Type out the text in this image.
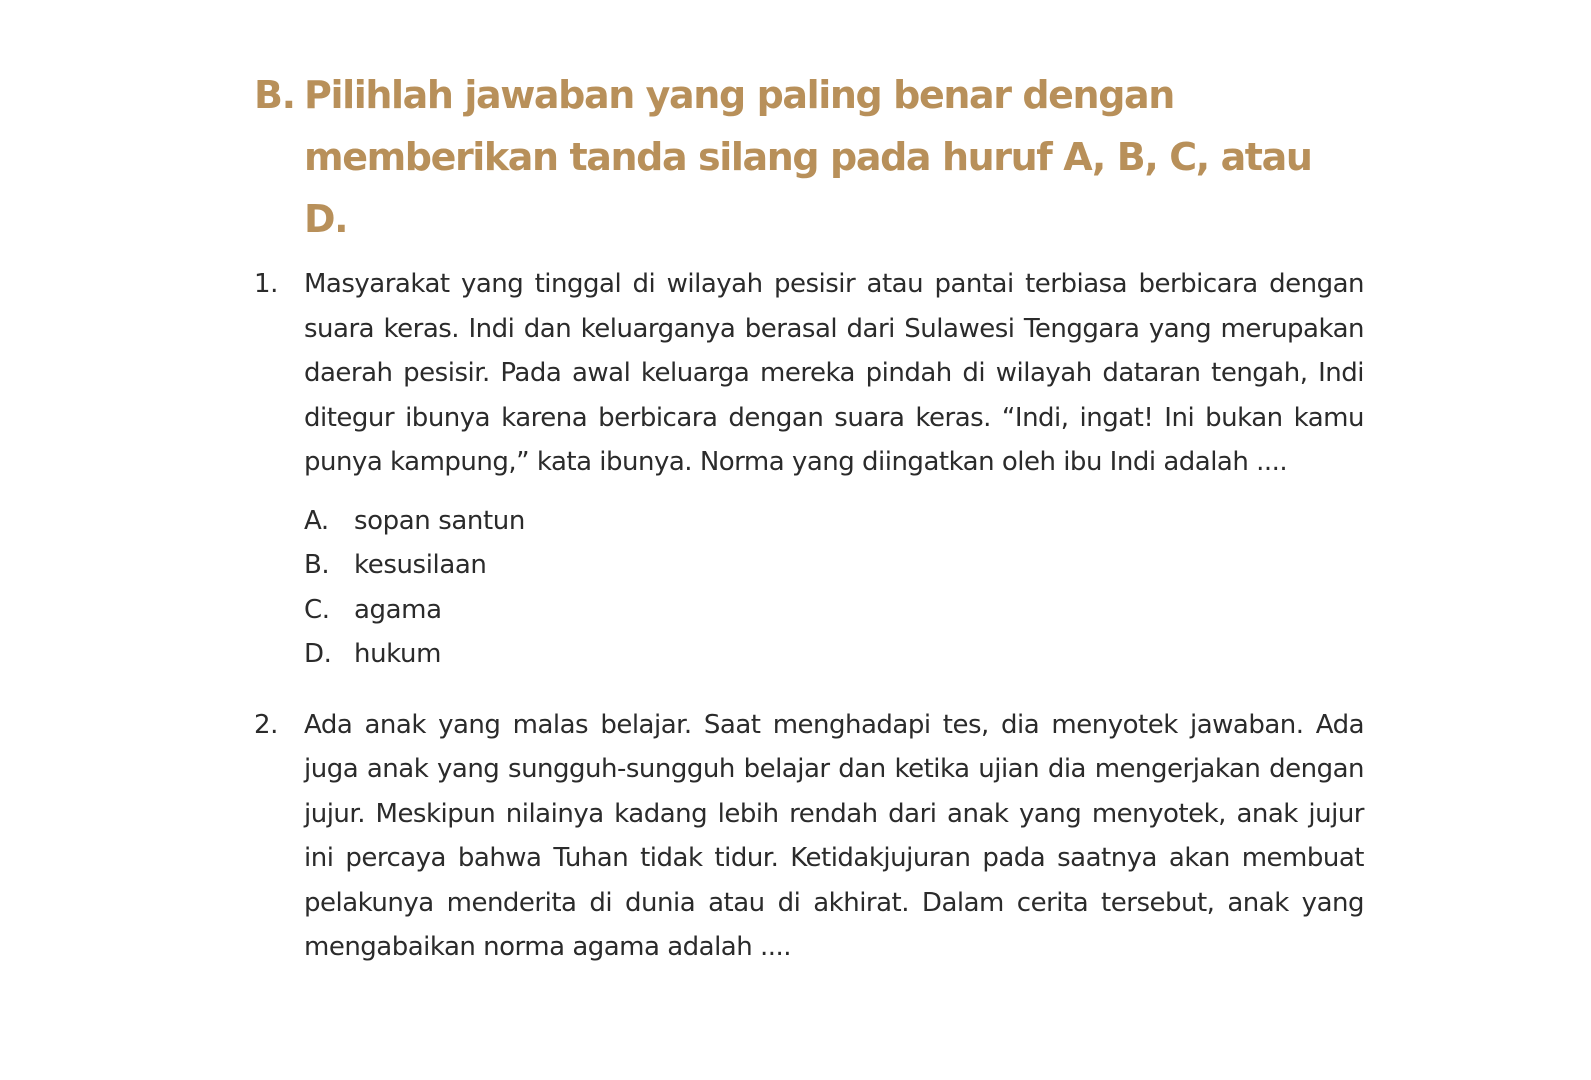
B. Pilihlah jawaban yang paling benar dengan memberikan tanda silang pada huruf A, B, C, atau D.
1. Masyarakat yang tinggal di wilayah pesisir atau pantai terbiasa berbicara dengan suara keras. Indi dan keluarganya berasal dari Sulawesi Tenggara yang merupakan daerah pesisir. Pada awal keluarga mereka pindah di wilayah dataran tengah, Indi ditegur ibunya karena berbicara dengan suara keras. “Indi, ingat! Ini bukan kamu punya kampung,” kata ibunya. Norma yang diingatkan oleh ibu Indi adalah ....

A. sopan santun
B. kesusilaan
C. agama
D. hukum
2. Ada anak yang malas belajar. Saat menghadapi tes, dia menyotek jawaban. Ada juga anak yang sungguh-sungguh belajar dan ketika ujian dia mengerjakan dengan jujur. Meskipun nilainya kadang lebih rendah dari anak yang menyotek, anak jujur ini percaya bahwa Tuhan tidak tidur. Ketidakjujuran pada saatnya akan membuat pelakunya menderita di dunia atau di akhirat. Dalam cerita tersebut, anak yang mengabaikan norma agama adalah ....
